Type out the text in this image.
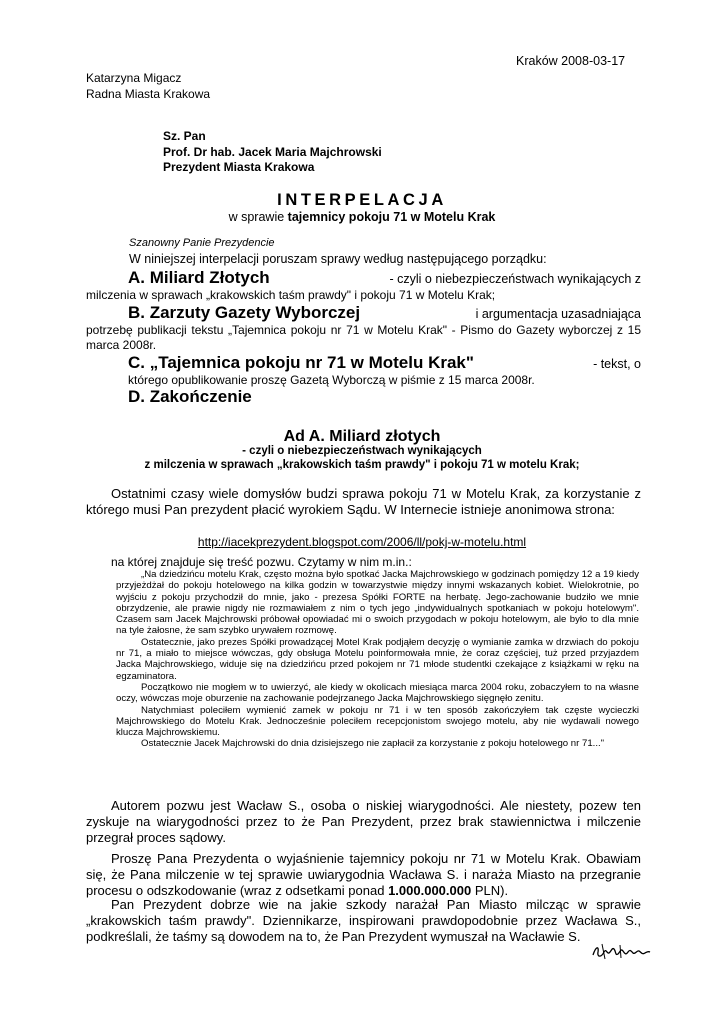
Kraków 2008-03-17
Katarzyna Migacz
Radna Miasta Krakowa
Sz. Pan
Prof. Dr hab. Jacek Maria Majchrowski
Prezydent Miasta Krakowa
INTERPELACJA
w sprawie tajemnicy pokoju 71 w Motelu Krak
Szanowny Panie Prezydencie
W niniejszej interpelacji poruszam sprawy według następującego porządku:
A. Miliard Złotych	- czyli o niebezpieczeństwach wynikających z
milczenia w sprawach „krakowskich taśm prawdy" i pokoju 71 w Motelu Krak;
B. Zarzuty Gazety Wyborczej	i argumentacja uzasadniająca
potrzebę publikacji tekstu „Tajemnica pokoju nr 71 w Motelu Krak" - Pismo do Gazety wyborczej z 15 marca 2008r.
C. „Tajemnica pokoju nr 71 w Motelu Krak"	- tekst, o
którego opublikowanie proszę Gazetą Wyborczą w piśmie z 15 marca 2008r.
D. Zakończenie
Ad A. Miliard złotych
- czyli o niebezpieczeństwach wynikających
z milczenia w sprawach „krakowskich taśm prawdy" i pokoju 71 w motelu Krak;

Ostatnimi czasy wiele domysłów budzi sprawa pokoju 71 w Motelu Krak, za korzystanie z którego musi Pan prezydent płacić wyrokiem Sądu. W Internecie istnieje anonimowa strona:

http://iacekprezydent.blogspot.com/2006/ll/pokj-w-motelu.html
na której znajduje się treść pozwu. Czytamy w nim m.in.:

„Na dziedzińcu motelu Krak, często można było spotkać Jacka Majchrowskiego w godzinach pomiędzy 12 a 19 kiedy przyjeżdżał do pokoju hotelowego na kilka godzin w towarzystwie między innymi wskazanych kobiet. Wielokrotnie, po wyjściu z pokoju przychodził do mnie, jako - prezesa Spółki FORTE na herbatę. Jego-zachowanie budziło we mnie obrzydzenie, ale prawie nigdy nie rozmawiałem z nim o tych jego „indywidualnych spotkaniach w pokoju hotelowym". Czasem sam Jacek Majchrowski próbował opowiadać mi o swoich przygodach w pokoju hotelowym, ale było to dla mnie na tyle żałosne, że sam szybko urywałem rozmowę.

Ostatecznie, jako prezes Spółki prowadzącej Motel Krak podjąłem decyzję o wymianie zamka w drzwiach do pokoju nr 71, a miało to miejsce wówczas, gdy obsługa Motelu poinformowała mnie, że coraz częściej, tuż przed przyjazdem Jacka Majchrowskiego, widuje się na dziedzińcu przed pokojem nr 71 młode studentki czekające z książkami w ręku na egzaminatora.

Początkowo nie mogłem w to uwierzyć, ale kiedy w okolicach miesiąca marca 2004 roku, zobaczyłem to na własne oczy, wówczas moje oburzenie na zachowanie podejrzanego Jacka Majchrowskiego sięgnęło zenitu.

Natychmiast poleciłem wymienić zamek w pokoju nr 71 i w ten sposób zakończyłem tak częste wycieczki Majchrowskiego do Motelu Krak. Jednocześnie poleciłem recepcjonistom swojego motelu, aby nie wydawali nowego klucza Majchrowskiemu.

Ostatecznie Jacek Majchrowski do dnia dzisiejszego nie zapłacił za korzystanie z pokoju hotelowego nr 71..."

Autorem pozwu jest Wacław S., osoba o niskiej wiarygodności. Ale niestety, pozew ten zyskuje na wiarygodności przez to że Pan Prezydent, przez brak stawiennictwa i milczenie przegrał proces sądowy.

Proszę Pana Prezydenta o wyjaśnienie tajemnicy pokoju nr 71 w Motelu Krak. Obawiam się, że Pana milczenie w tej sprawie uwiarygodnia Wacława S. i naraża Miasto na przegranie procesu o odszkodowanie (wraz z odsetkami ponad 1.000.000.000 PLN).

Pan Prezydent dobrze wie na jakie szkody narażał Pan Miasto milcząc w sprawie „krakowskich taśm prawdy". Dziennikarze, inspirowani prawdopodobnie przez Wacława S., podkreślali, że taśmy są dowodem na to, że Pan Prezydent wymuszał na Wacławie S.
